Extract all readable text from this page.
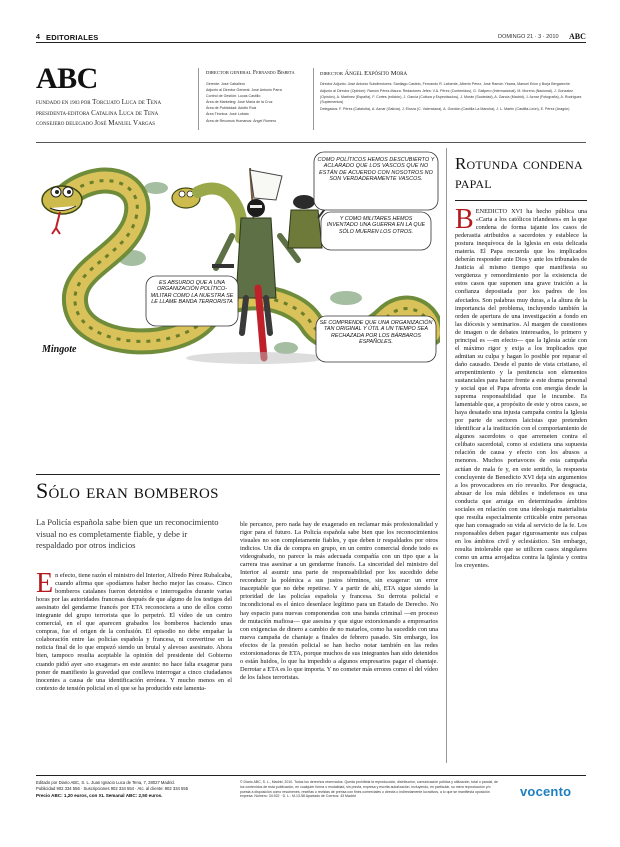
4 EDITORIALES	DOMINGO 21 · 3 · 2010 ABC
ABC
FUNDADO EN 1903 POR Torcuato Luca de Tena
PRESIDENTA-EDITORA Catalina Luca de Tena
CONSEJERO DELEGADO José Manuel Vargas
DIRECTOR GENERAL Fernando Bisbeta
Gerente: José Caballero
Adjunto al Director General: José Antonio Parra
Control de Gestión: Lucas Castillo
Área de Marketing: José María de la Cruz
Área de Publicidad: Adolfo Ruiz
Área Técnica: José Lobato
Área de Recursos Humanos: Ángel Romero
DIRECTOR Ángel Expósito Mora
Director Adjunto: José Antonio Subdirectores: Santiago Castelo, Fernando R. Lafuente, Alberto Pérez, José Ramón Ybarra, Manuel Erice y Borja Bergareche
Adjunto al Director (Opinión): Ramón Pérez-Maura. Redactores Jefes: V.A. Pérez (Contenidos), G. Galipero (Internacional), M. Moreno (Nacional), J. Gonzalez (Opinión), A. Martinez (España), F. Cortes (edición), J. García (Cultura y Espectáculos), J. Morán (Sociedad), A. García (Madrid), J. Aznar (Fotografía), A. Rodríguez (Suplementos)
Delegados: F. Pérez (Cataluña), A. Aznar (Galicia), J. Elorza (C. Valenciana), A. Gondón (Castilla La Mancha), J. L. Martín (Castilla-León), E. Pérez (Aragón)
COMO POLÍTICOS HEMOS DESCUBIERTO Y ACLARADO QUE LOS VASCOS QUE NO ESTÁN DE ACUERDO CON NOSOTROS NO SON VERDADERAMENTE VASCOS.
Y COMO MILITARES HEMOS INVENTADO UNA GUERRA EN LA QUE SÓLO MUEREN LOS OTROS.
ES ABSURDO QUE A UNA ORGANIZACIÓN POLÍTICO-MILITAR COMO LA NUESTRA SE LE LLAME BANDA TERRORISTA
SE COMPRENDE QUE UNA ORGANIZACIÓN TAN ORIGINAL Y ÚTIL A UN TIEMPO SEA RECHAZADA POR LOS BÁRBAROS ESPAÑOLES.
Mingote
Rotunda condena papal
BENEDICTO XVI ha hecho pública una «Carta a los católicos irlandeses» en la que condena de forma tajante los casos de pederastia atribuidos a sacerdotes y establece la postura inequívoca de la Iglesia en esta delicada materia. El Papa recuerda que los implicados deberán responder ante Dios y ante los tribunales de Justicia al mismo tiempo que manifiesta su vergüenza y remordimiento por la existencia de estos casos que suponen una grave traición a la confianza depositada por los padres de los afectados. Son palabras muy duras, a la altura de la importancia del problema, incluyendo también la orden de apertura de una investigación a fondo en las diócesis y seminarios. Al margen de cuestiones de imagen o de debates interesados, lo primero y principal es —en efecto— que la Iglesia actúe con el máximo rigor y exija a los implicados que admitan su culpa y hagan lo posible por reparar el daño causado. Desde el punto de vista cristiano, el arrepentimiento y la penitencia son elementos sustanciales para hacer frente a este drama personal y social que el Papa afronta con energía desde la suprema responsabilidad que le incumbe. Es lamentable que, a propósito de este y otros casos, se haya desatado una injusta campaña contra la Iglesia por parte de sectores laicistas que pretenden identificar a la institución con el comportamiento de algunos sacerdotes o que arremeten contra el celibato sacerdotal, como si existiera una supuesta relación de causa y efecto con los abusos a menores. Muchos portavoces de esta campaña actúan de mala fe y, en este sentido, la respuesta concluyente de Benedicto XVI deja sin argumentos a los provocadores en río revuelto. Por desgracia, abusar de los más débiles e indefensos es una conducta que arraiga en determinados ámbitos sociales en relación con una ideología materialista que resulta especialmente criticable entre personas que han consagrado su vida al servicio de la fe. Los responsables deben pagar rigurosamente sus culpas en los ámbitos civil y eclesiástico. Sin embargo, resulta intolerable que se utilicen casos singulares como un arma arrojadiza contra la Iglesia y contra los creyentes.
Sólo eran bomberos
La Policía española sabe bien que un reconocimiento visual no es completamente fiable, y debe ir respaldado por otros indicios
En efecto, tiene razón el ministro del Interior, Alfredo Pérez Rubalcaba, cuando afirma que «podíamos haber hecho mejor las cosas». Cinco bomberos catalanes fueron detenidos e interrogados durante varias horas por las autoridades francesas después de que alguno de los testigos del asesinato del gendarme francés por ETA reconociera a uno de ellos como integrante del grupo terrorista que lo perpetró. El vídeo de un centro comercial, en el que aparecen grabados los bomberos haciendo unas compras, fue el origen de la confusión. El episodio no debe empañar la colaboración entre las policías española y francesa, ni convertirse en la noticia final de lo que empezó siendo un brutal y alevoso asesinato. Ahora bien, tampoco resulta aceptable la opinión del presidente del Gobierno cuando pidió ayer «no exagerar» en este asunto: no hace falta exagerar para poner de manifiesto la gravedad que conlleva interrogar a cinco ciudadanos inocentes a causa de una identificación errónea. Y mucho menos en el contexto de tensión policial en el que se ha producido este lamenta-
ble percance, pero nada hay de exagerado en reclamar más profesionalidad y rigor para el futuro. La Policía española sabe bien que los reconocimientos visuales no son completamente fiables, y que deben ir respaldados por otros indicios. Un día de compra en grupo, en un centro comercial donde todo es videograbado, no parece la más adecuada compañía con un tipo que a la carrera tras asesinar a un gendarme francés. La sinceridad del ministro del Interior al asumir una parte de responsabilidad por los sucedido debe reconducir la polémica a sus justos términos, sin exagerar: un error inaceptable que no debe repetirse. Y a partir de ahí, ETA sigue siendo la prioridad de las policías española y francesa. Su derrota policial e incondicional es el único desenlace legítimo para un Estado de Derecho. No hay espacio para nuevas componendas con una banda criminal —en proceso de mutación mafiosa— que asesina y que sigue extorsionando a empresarios con exigencias de dinero a cambio de no matarlos, como ha sucedido con una nueva campaña de chantaje a finales de febrero pasado. Sin embargo, los efectos de la presión policial se han hecho notar también en las redes extorsionadoras de ETA, porque muchos de sus integrantes han sido detenidos o están huidos, lo que ha impedido a algunos empresarios pagar el chantaje. Derrotar a ETA es lo que importa. Y no cometer más errores como el del vídeo de los falsos terroristas.
Editado por Diario ABC, S. L. Juan Ignacio Luca de Tena, 7, 28027 Madrid.
Publicidad 902 334 556 · Suscripciones 902 334 554 · Atc. al cliente: 902 334 555
Precio ABC: 1,20 euros, con XL Semanal ABC: 2,50 euros.
© Diario ABC, S. L., Madrid, 2010. Todos los derechos reservados. Queda prohibida la reproducción, distribución, comunicación pública y utilización, total o parcial, de los contenidos de esta publicación, en cualquier forma o modalidad, sin previa, expresa y escrita autorización, incluyendo, en particular, su mera reproducción y/o puesta a disposición como resúmenes, reseñas o revistas de prensa con fines comerciales o directa o indirectamente lucrativos, a lo que se manifiesta oposición expresa. Número: 34.922 · D. L.: M-13-58 Apartado de Correos: 43 Madrid	vocento
